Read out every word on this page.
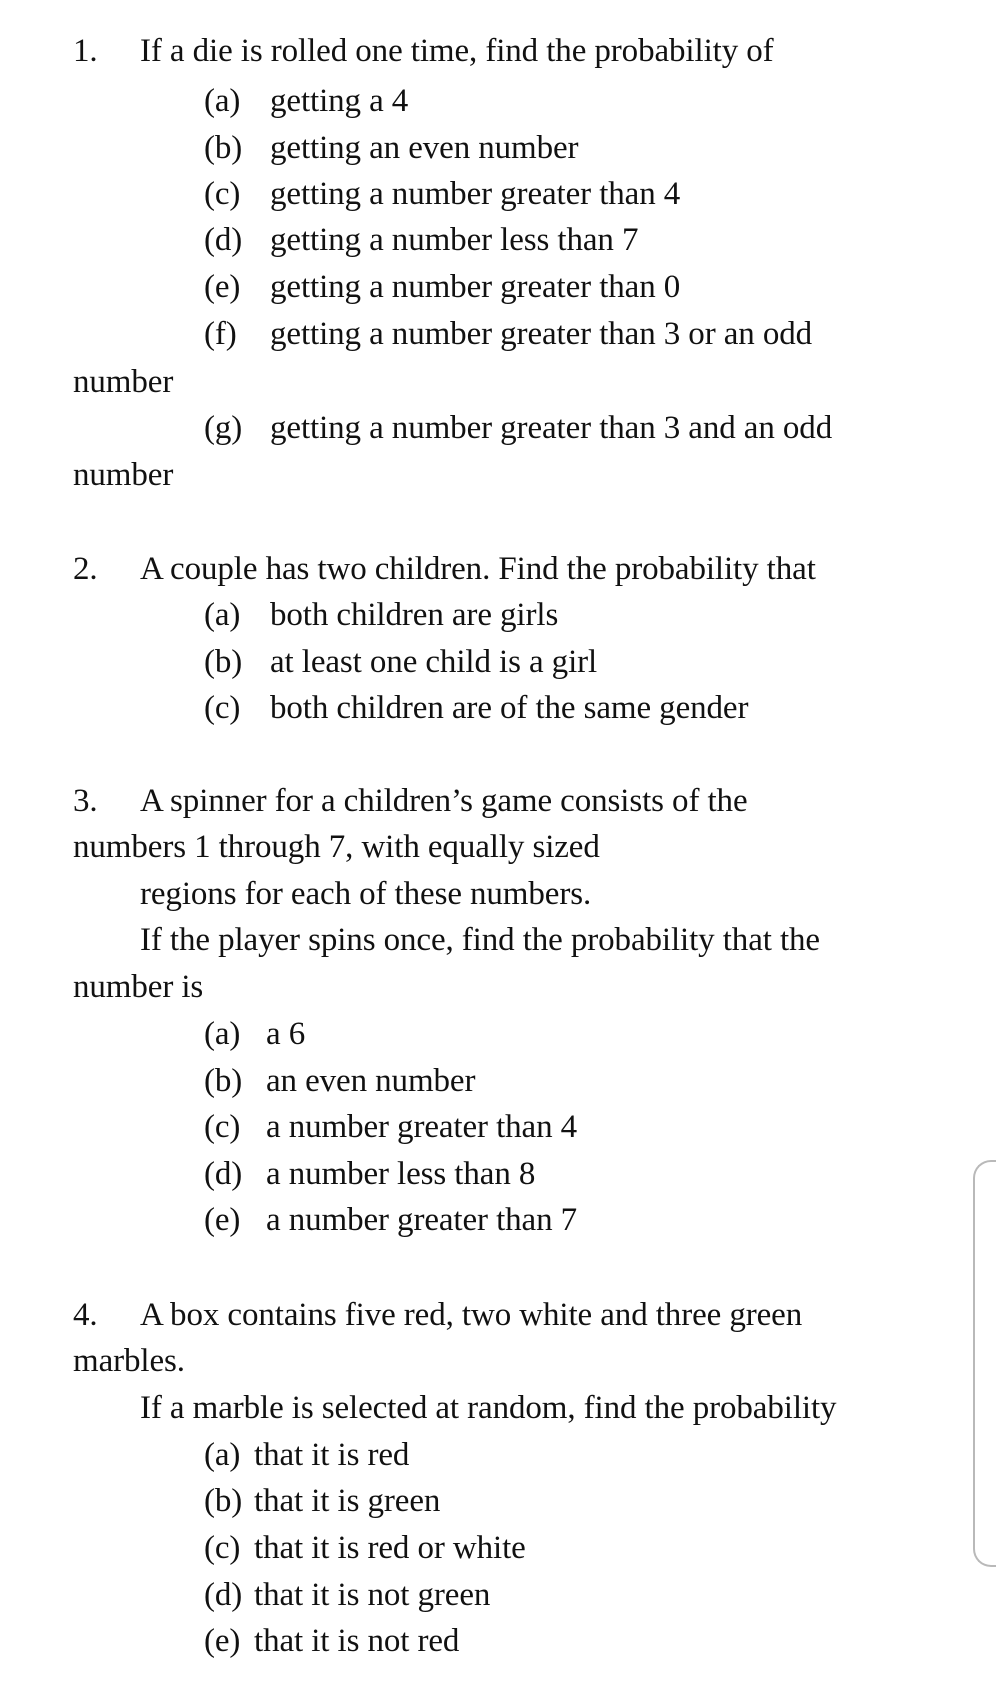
1. If a die is rolled one time, find the probability of
(a) getting a 4
(b) getting an even number
(c) getting a number greater than 4
(d) getting a number less than 7
(e) getting a number greater than 0
(f) getting a number greater than 3 or an odd
number
(g) getting a number greater than 3 and an odd
number
2. A couple has two children. Find the probability that
(a) both children are girls
(b) at least one child is a girl
(c) both children are of the same gender
3. A spinner for a children’s game consists of the
numbers 1 through 7, with equally sized
regions for each of these numbers.
If the player spins once, find the probability that the
number is
(a) a 6
(b) an even number
(c) a number greater than 4
(d) a number less than 8
(e) a number greater than 7
4. A box contains five red, two white and three green
marbles.
If a marble is selected at random, find the probability
(a) that it is red
(b) that it is green
(c) that it is red or white
(d) that it is not green
(e) that it is not red
